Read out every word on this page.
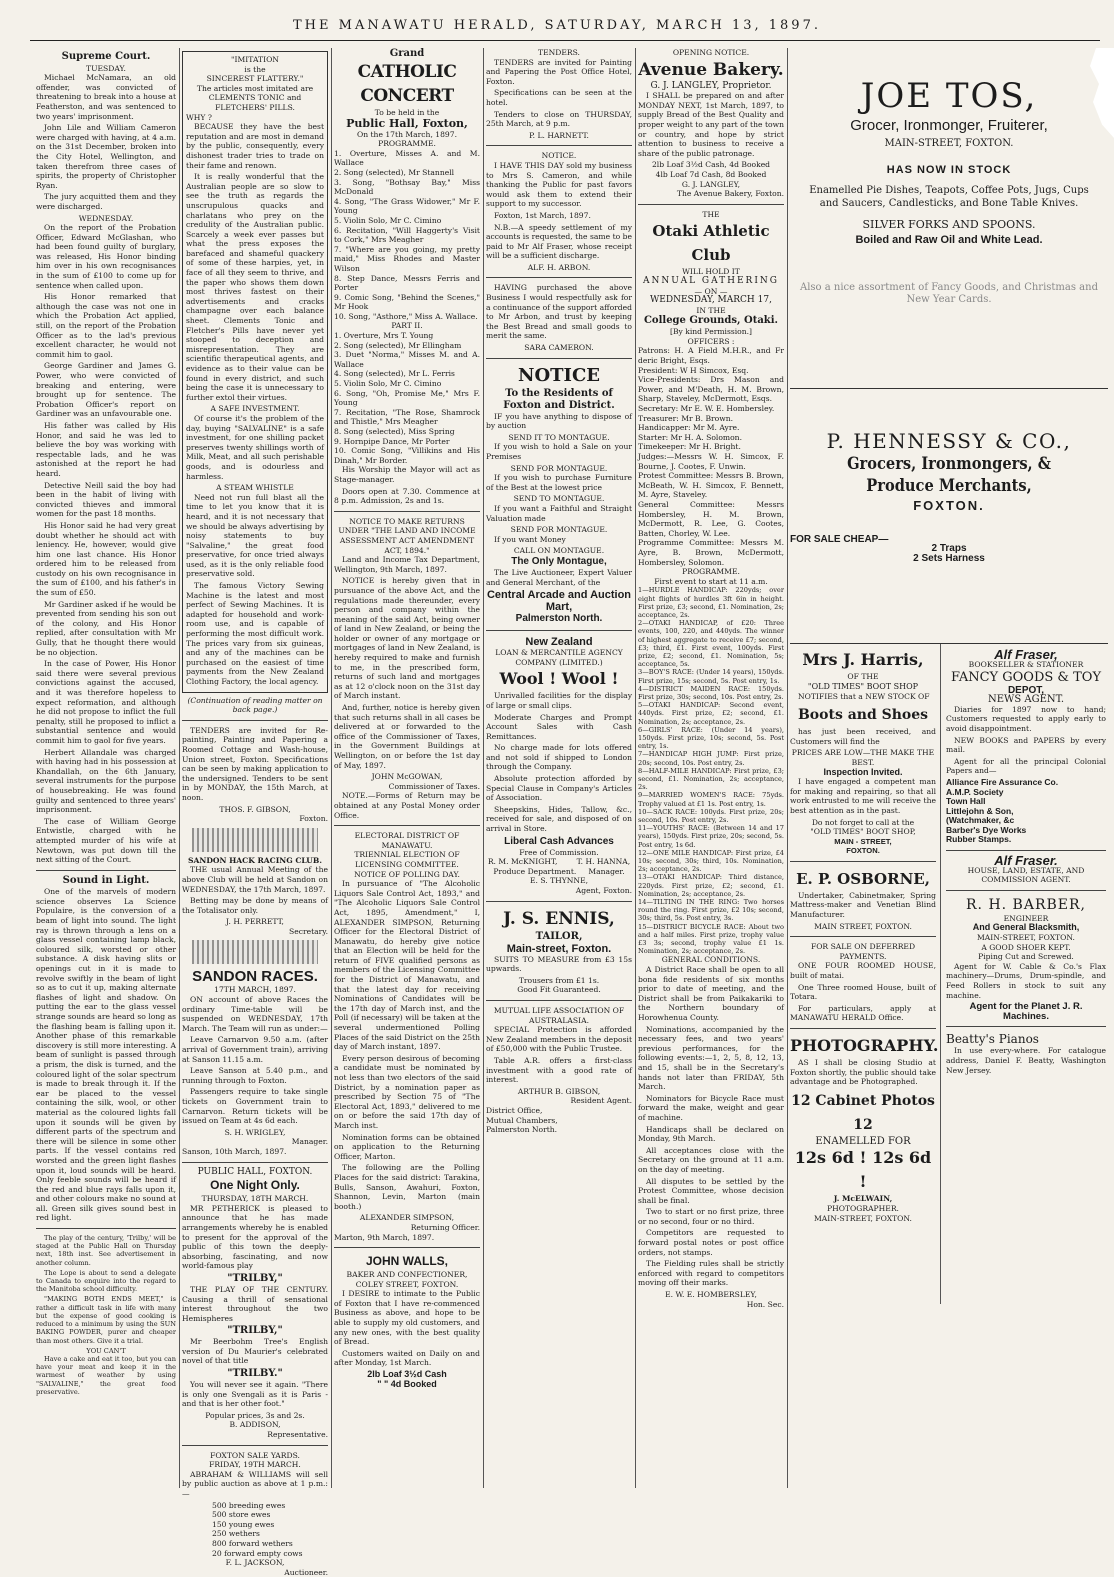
THE MANAWATU HERALD, SATURDAY, MARCH 13, 1897.
Supreme Court.
TUESDAY.

Michael McNamara, an old offender, was convicted of threatening to break into a house at Featherston, and was sentenced to two years' imprisonment.

John Lile and William Cameron were charged with having, at 4 a.m. on the 31st December, broken into the City Hotel, Wellington, and taken therefrom three cases of spirits, the property of Christopher Ryan.

The jury acquitted them and they were discharged.

WEDNESDAY.

On the report of the Probation Officer, Edward McGlashan, who had been found guilty of burglary, was released, His Honor binding him over in his own recognisances in the sum of £100 to come up for sentence when called upon.

His Honor remarked that although the case was not one in which the Probation Act applied, still, on the report of the Probation Officer as to the lad's previous excellent character, he would not commit him to gaol.

George Gardiner and James G. Power, who were convicted of breaking and entering, were brought up for sentence. The Probation Officer's report on Gardiner was an unfavourable one.

His father was called by His Honor, and said he was led to believe the boy was working with respectable lads, and he was astonished at the report he had heard.

Detective Neill said the boy had been in the habit of living with convicted thieves and immoral women for the past 18 months.

His Honor said he had very great doubt whether he should act with leniency. He, however, would give him one last chance. His Honor ordered him to be released from custody on his own recognisance in the sum of £100, and his father's in the sum of £50.

Mr Gardiner asked if he would be prevented from sending his son out of the colony, and His Honor replied, after consultation with Mr Gully, that he thought there would be no objection.

In the case of Power, His Honor said there were several previous convictions against the accused, and it was therefore hopeless to expect reformation, and although he did not propose to inflict the full penalty, still he proposed to inflict a substantial sentence and would commit him to gaol for five years.

Herbert Allandale was charged with having had in his possession at Khandallah, on the 6th January, several instruments for the purpose of housebreaking. He was found guilty and sentenced to three years' imprisonment.

The case of William George Entwistle, charged with he attempted murder of his wife at Newtown, was put down till the next sitting of the Court.

Sound in Light.

One of the marvels of modern science observes La Science Populaire, is the conversion of a beam of light into sound. The light ray is thrown through a lens on a glass vessel containing lamp black, coloured silk, worsted or other substance. A disk having slits or openings cut in it is made to revolve swiftly in the beam of light so as to cut it up, making alternate flashes of light and shadow. On putting the ear to the glass vessel strange sounds are heard so long as the flashing beam is falling upon it. Another phase of this remarkable discovery is still more interesting. A beam of sunlight is passed through a prism, the disk is turned, and the coloured light of the solar spectrum is made to break through it. If the ear be placed to the vessel containing the silk, wool, or other material as the coloured lights fall upon it sounds will be given by different parts of the spectrum and there will be silence in some other parts. If the vessel contains red worsted and the green light flashes upon it, loud sounds will be heard. Only feeble sounds will be heard if the red and blue rays falls upon it, and other colours make no sound at all. Green silk gives sound best in red light.

The play of the century, 'Trilby,' will be staged at the Public Hall on Thursday next, 18th inst. See advertisement in another column.

The Lope is about to send a delegate to Canada to enquire into the regard to the Manitoba school difficulty.

"MAKING BOTH ENDS MEET," is rather a difficult task in life with many but the expense of good cooking is reduced to a minimum by using the SUN BAKING POWDER, purer and cheaper than most others. Give it a trial.

YOU CAN'T

Have a cake and eat it too, but you can have your meat and keep it in the warmest of weather by using "SALVALINE," the great food preservative.

"IMITATION
is the
SINCEREST FLATTERY."
The articles most imitated are
CLEMENTS TONIC and
FLETCHERS' PILLS.
WHY ?

BECAUSE they have the best reputation and are most in demand by the public, consequently, every dishonest trader tries to trade on their fame and renown.

It is really wonderful that the Australian people are so slow to see the truth as regards the unscrupulous quacks and charlatans who prey on the credulity of the Australian public. Scarcely a week ever passes but what the press exposes the barefaced and shameful quackery of some of these harpies, yet, in face of all they seem to thrive, and the paper who shows them down most thrives fastest on their advertisements and cracks champagne over each balance sheet. Clements Tonic and Fletcher's Pills have never yet stooped to deception and misrepresentation. They are scientific therapeutical agents, and evidence as to their value can be found in every district, and such being the case it is unnecessary to further extol their virtues.

A SAFE INVESTMENT.

Of course it's the problem of the day, buying "SALVALINE" is a safe investment, for one shilling packet preserves twenty shillings worth of Milk, Meat, and all such perishable goods, and is odourless and harmless.

A STEAM WHISTLE

Need not run full blast all the time to let you know that it is heard, and it is not necessary that we should be always advertising by noisy statements to buy "Salvaline," the great food preservative, for once tried always used, as it is the only reliable food preservative sold.

The famous Victory Sewing Machine is the latest and most perfect of Sewing Machines. It is adapted for household and work-room use, and is capable of performing the most difficult work. The prices vary from six guineas, and any of the machines can be purchased on the easiest of time payments from the New Zealand Clothing Factory, the local agency.

(Continuation of reading matter on back page.)

TENDERS are invited for Re-painting, Painting and Papering a Roomed Cottage and Wash-house, Union street, Foxton. Specifications can be seen by making application to the undersigned. Tenders to be sent in by MONDAY, the 15th March, at noon.

THOS. F. GIBSON,
Foxton.
SANDON HACK RACING CLUB.

THE usual Annual Meeting of the above Club will be held at Sandon on WEDNESDAY, the 17th March, 1897.

Betting may be done by means of the Totalisator only.

J. H. PERRETT,
Secretary.
SANDON RACES.
17TH MARCH, 1897.

ON account of above Races the ordinary Time-table will be suspended on WEDNESDAY, 17th March. The Team will run as under:—

Leave Carnarvon 9.50 a.m. (after arrival of Government train), arriving at Sanson 11.15 a.m.

Leave Sanson at 5.40 p.m., and running through to Foxton.

Passengers require to take single tickets on Government train to Carnarvon. Return tickets will be issued on Team at 4s 6d each.

S. H. WRIGLEY,
Manager.
Sanson, 10th March, 1897.
PUBLIC HALL, FOXTON.
One Night Only.
THURSDAY, 18TH MARCH.

MR PETHERICK is pleased to announce that he has made arrangements whereby he is enabled to present for the approval of the public of this town the deeply-absorbing, fascinating, and now world-famous play

"TRILBY,"

THE PLAY OF THE CENTURY. Causing a thrill of sensational interest throughout the two Hemispheres

"TRILBY,"

Mr Beerbohm Tree's English version of Du Maurier's celebrated novel of that title

"TRILBY."

You will never see it again. "There is only one Svengali as it is Paris - and that is her other foot."

Popular prices, 3s and 2s.
B. ADDISON,
Representative.
FOXTON SALE YARDS.
FRIDAY, 19TH MARCH.

ABRAHAM & WILLIAMS will sell by public auction as above at 1 p.m.:—

500 breeding ewes
500 store ewes
150 young ewes
250 wethers
800 forward wethers
20 forward empty cows
F. L. JACKSON,
Auctioneer.
Grand
CATHOLIC CONCERT
To be held in the
Public Hall, Foxton,
On the 17th March, 1897.
PROGRAMME.
1. Overture, Misses A. and M. Wallace
2. Song (selected), Mr Stannell
3. Song, "Bothsay Bay," Miss McDonald
4. Song, "The Grass Widower," Mr F. Young
5. Violin Solo, Mr C. Cimino
6. Recitation, "Will Haggerty's Visit to Cork," Mrs Meagher
7. "Where are you going, my pretty maid," Miss Rhodes and Master Wilson
8. Step Dance, Messrs Ferris and Porter
9. Comic Song, "Behind the Scenes," Mr Hook
10. Song, "Asthore," Miss A. Wallace.
PART II.
1. Overture, Mrs T. Young
2. Song (selected), Mr Ellingham
3. Duet "Norma," Misses M. and A. Wallace
4. Song (selected), Mr L. Ferris
5. Violin Solo, Mr C. Cimino
6. Song, "Oh, Promise Me," Mrs F. Young
7. Recitation, "The Rose, Shamrock and Thistle," Mrs Meagher
8. Song (selected), Miss Spring
9. Hornpipe Dance, Mr Porter
10. Comic Song, "Villikins and His Dinah," Mr Border.

His Worship the Mayor will act as Stage-manager.

Doors open at 7.30. Commence at 8 p.m. Admission, 2s and 1s.

NOTICE TO MAKE RETURNS UNDER "THE LAND AND INCOME ASSESSMENT ACT AMENDMENT ACT, 1894."

Land and Income Tax Department, Wellington, 9th March, 1897.

NOTICE is hereby given that in pursuance of the above Act, and the regulations made thereunder, every person and company within the meaning of the said Act, being owner of land in New Zealand, or being the holder or owner of any mortgage or mortgages of land in New Zealand, is hereby required to make and furnish to me, in the prescribed form, returns of such land and mortgages as at 12 o'clock noon on the 31st day of March instant.

And, further, notice is hereby given that such returns shall in all cases be delivered at or forwarded to the office of the Commissioner of Taxes, in the Government Buildings at Wellington, on or before the 1st day of May, 1897.

JOHN McGOWAN,
Commissioner of Taxes.

NOTE.—Forms of Return may be obtained at any Postal Money order Office.

ELECTORAL DISTRICT OF MANAWATU.
TRIENNIAL ELECTION OF LICENSING COMMITTEE.
NOTICE OF POLLING DAY.

In pursuance of "The Alcoholic Liquors Sale Control Act, 1893," and "The Alcoholic Liquors Sale Control Act, 1895, Amendment," I, ALEXANDER SIMPSON, Returning Officer for the Electoral District of Manawatu, do hereby give notice that an Election will be held for the return of FIVE qualified persons as members of the Licensing Committee for the District of Manawatu, and that the latest day for receiving Nominations of Candidates will be the 17th day of March inst, and the Poll (if necessary) will be taken at the several undermentioned Polling Places of the said District on the 25th day of March instant, 1897.

Every person desirous of becoming a candidate must be nominated by not less than two electors of the said District, by a nomination paper as prescribed by Section 75 of "The Electoral Act, 1893," delivered to me on or before the said 17th day of March inst.

Nomination forms can be obtained on application to the Returning Officer, Marton.

The following are the Polling Places for the said district: Tarakina, Bulls, Sanson, Awahuri, Foxton, Shannon, Levin, Marton (main booth.)

ALEXANDER SIMPSON,
Returning Officer.
Marton, 9th March, 1897.
JOHN WALLS,
BAKER AND CONFECTIONER,
COLEY STREET, FOXTON.

I DESIRE to intimate to the Public of Foxton that I have re-commenced Business as above, and hope to be able to supply my old customers, and any new ones, with the best quality of Bread.

Customers waited on Daily on and after Monday, 1st March.

2lb Loaf 3½d Cash
" " 4d Booked
TENDERS.

TENDERS are invited for Painting and Papering the Post Office Hotel, Foxton.

Specifications can be seen at the hotel.

Tenders to close on THURSDAY, 25th March, at 9 p.m.

P. L. HARNETT.
NOTICE.

I HAVE THIS DAY sold my business to Mrs S. Cameron, and while thanking the Public for past favors would ask them to extend their support to my successor.

Foxton, 1st March, 1897.

N.B.—A speedy settlement of my accounts is requested, the same to be paid to Mr Alf Fraser, whose receipt will be a sufficient discharge.

ALF. H. ARBON.

HAVING purchased the above Business I would respectfully ask for a continuance of the support afforded to Mr Arbon, and trust by keeping the Best Bread and small goods to merit the same.

SARA CAMERON.
NOTICE
To the Residents of
Foxton and District.

IF you have anything to dispose of by auction

SEND IT TO MONTAGUE.

If you wish to hold a Sale on your Premises

SEND FOR MONTAGUE.

If you wish to purchase Furniture of the Best at the lowest price

SEND TO MONTAGUE.

If you want a Faithful and Straight Valuation made

SEND FOR MONTAGUE.

If you want Money

CALL ON MONTAGUE.
The Only Montague,

The Live Auctioneer, Expert Valuer and General Merchant, of the

Central Arcade and Auction Mart,
Palmerston North.
New Zealand
LOAN & MERCANTILE AGENCY COMPANY (LIMITED.)
Wool ! Wool !

Unrivalled facilities for the display of large or small clips.

Moderate Charges and Prompt Account Sales with Cash Remittances.

No charge made for lots offered and not sold if shipped to London through the Company.

Absolute protection afforded by Special Clause in Company's Articles of Association.

Sheepskins, Hides, Tallow, &c., received for sale, and disposed of on arrival in Store.

Liberal Cash Advances
Free of Commission.
R. M. McKNIGHT,        T. H. HANNA,
Produce Department.     Manager.
E. S. THYNNE,
Agent, Foxton.
J. S. ENNIS,
TAILOR,
Main-street, Foxton.

SUITS TO MEASURE from £3 15s upwards.

Trousers from £1 1s.
Good Fit Guaranteed.
MUTUAL LIFE ASSOCIATION OF AUSTRALASIA.

SPECIAL Protection is afforded New Zealand members in the deposit of £50,000 with the Public Trustee.

Table A.R. offers a first-class investment with a good rate of interest.

ARTHUR B. GIBSON,
Resident Agent.
District Office,
Mutual Chambers,
Palmerston North.
OPENING NOTICE.
Avenue Bakery.
G. J. LANGLEY, Proprietor.

I SHALL be prepared on and after MONDAY NEXT, 1st March, 1897, to supply Bread of the Best Quality and proper weight to any part of the town or country, and hope by strict attention to business to receive a share of the public patronage.

2lb Loaf 3½d Cash, 4d Booked
4lb Loaf 7d Cash, 8d Booked
G. J. LANGLEY,
The Avenue Bakery, Foxton.
THE
Otaki Athletic Club
WILL HOLD IT
ANNUAL GATHERING
— ON —
WEDNESDAY, MARCH 17,
IN THE
College Grounds, Otaki.
[By kind Permission.]
OFFICERS :
Patrons: H. A Field M.H.R., and Fr deric Bright, Esqs.
President: W H Simcox, Esq.
Vice-Presidents: Drs Mason and Power, and M'Death, H. M. Brown, Sharp, Staveley, McDermott, Esqs.
Secretary: Mr E. W. E. Hombersley.
Treasurer: Mr B. Brown.
Handicapper: Mr M. Ayre.
Starter: Mr H. A. Solomon.
Timekeeper: Mr H. Bright.
Judges:—Messrs W. H. Simcox, F. Bourne, J. Cootes, F. Unwin.
Protest Committee: Messrs B. Brown, McBeath, W. H. Simcox, F. Bennett, M. Ayre, Staveley.
General Committee: Messrs Hombersley, H. M. Brown, McDermott, R. Lee, G. Cootes, Batten, Chorley, W. Lee.
Programme Committee: Messrs M. Ayre, B. Brown, McDermott, Hombersley, Solomon.
PROGRAMME.
First event to start at 11 a.m.
1—HURDLE HANDICAP: 220yds; over eight flights of hurdles 3ft 6in in height. First prize, £3; second, £1. Nomination, 2s; acceptance, 2s.
2—OTAKI HANDICAP, of £20: Three events, 100, 220, and 440yds. The winner of highest aggregate to receive £7; second, £3; third, £1. First event, 100yds. First prize, £2; second, £1. Nomination, 5s; acceptance, 5s.
3—BOY'S RACE: (Under 14 years), 150yds. First prize, 15s; second, 5s. Post entry, 1s.
4—DISTRICT MAIDEN RACE: 150yds. First prize, 30s; second, 10s. Post entry, 2s.
5—OTAKI HANDICAP: Second event, 440yds. First prize, £2; second, £1. Nomination, 2s; acceptance, 2s.
6—GIRLS' RACE: (Under 14 years), 150yds. First prize, 10s; second, 5s. Post entry, 1s.
7—HANDICAP HIGH JUMP: First prize, 20s; second, 10s. Post entry, 2s.
8—HALF-MILE HANDICAP: First prize, £3; second, £1. Nomination, 2s; acceptance, 2s.
9—MARRIED WOMEN'S RACE: 75yds. Trophy valued at £1 1s. Post entry, 1s.
10—SACK RACE: 100yds. First prize, 20s; second, 10s. Post entry, 2s.
11—YOUTHS' RACE: (Between 14 and 17 years), 150yds. First prize, 20s; second, 5s. Post entry, 1s 6d.
12—ONE MILE HANDICAP: First prize, £4 10s; second, 30s; third, 10s. Nomination, 2s; acceptance, 2s.
13—OTAKI HANDICAP: Third distance, 220yds. First prize, £2; second, £1. Nomination, 2s; acceptance, 2s.
14—TILTING IN THE RING: Two horses round the ring. First prize, £2 10s; second, 30s; third, 5s. Post entry, 3s.
15—DISTRICT BICYCLE RACE: About two and a half miles. First prize, trophy value £3 3s; second, trophy value £1 1s. Nomination, 2s; acceptance, 2s.
GENERAL CONDITIONS.

A District Race shall be open to all bona fide residents of six months prior to date of meeting, and the District shall be from Paikakariki to the Northern boundary of Horowhenua County.

Nominations, accompanied by the necessary fees, and two years' previous performances, for the following events:—1, 2, 5, 8, 12, 13, and 15, shall be in the Secretary's hands not later than FRIDAY, 5th March.

Nominators for Bicycle Race must forward the make, weight and gear of machine.

Handicaps shall be declared on Monday, 9th March.

All acceptances close with the Secretary on the ground at 11 a.m. on the day of meeting.

All disputes to be settled by the Protest Committee, whose decision shall be final.

Two to start or no first prize, three or no second, four or no third.

Competitors are requested to forward postal notes or post office orders, not stamps.

The Fielding rules shall be strictly enforced with regard to competitors moving off their marks.

E. W. E. HOMBERSLEY,
Hon. Sec.
JOE TOS,
Grocer, Ironmonger, Fruiterer,
MAIN-STREET, FOXTON.
HAS NOW IN STOCK
Enamelled Pie Dishes, Teapots, Coffee Pots, Jugs, Cups and Saucers, Candlesticks, and Bone Table Knives.
SILVER FORKS AND SPOONS.
Boiled and Raw Oil and White Lead.
Also a nice assortment of Fancy Goods, and Christmas and New Year Cards.
P. HENNESSY & CO.,
Grocers, Ironmongers, & Produce Merchants,
FOXTON.
FOR SALE CHEAP—
2 Traps
2 Sets Harness
Mrs J. Harris,
OF THE
"OLD TIMES" BOOT SHOP

NOTIFIES that a NEW STOCK OF

Boots and Shoes

has just been received, and Customers will find the

PRICES ARE LOW—THE MAKE THE BEST.
Inspection Invited.

I have engaged a competent man for making and repairing, so that all work entrusted to me will receive the best attention as in the past.

Do not forget to call at the
"OLD TIMES" BOOT SHOP,
MAIN - STREET,
FOXTON.
E. P. OSBORNE,

Undertaker, Cabinetmaker, Spring Mattress-maker and Venetian Blind Manufacturer.

MAIN STREET, FOXTON.
FOR SALE ON DEFERRED PAYMENTS.

ONE FOUR ROOMED HOUSE, built of matai.

One Three roomed House, built of Totara.

For particulars, apply at MANAWATU HERALD Office.

PHOTOGRAPHY.

AS I shall be closing Studio at Foxton shortly, the public should take advantage and be Photographed.

12 Cabinet Photos 12
ENAMELLED FOR
12s 6d ! 12s 6d !
J. McELWAIN,
PHOTOGRAPHER.
MAIN-STREET, FOXTON.
Alf Fraser,
BOOKSELLER & STATIONER
FANCY GOODS & TOY
DEPOT,
NEWS AGENT.

Diaries for 1897 now to hand; Customers requested to apply early to avoid disappointment.

NEW BOOKS and PAPERS by every mail.

Agent for all the principal Colonial Papers and—

Alliance Fire Assurance Co.
A.M.P. Society
Town Hall
Littlejohn & Son,
(Watchmaker, &c
Barber's Dye Works
Rubber Stamps.
Alf Fraser.
HOUSE, LAND, ESTATE, AND
COMMISSION AGENT.
R. H. BARBER,
ENGINEER
And General Blacksmith,
MAIN-STREET, FOXTON.
A GOOD SHOER KEPT.
Piping Cut and Screwed.

Agent for W. Cable & Co.'s Flax machinery—Drums, Drum-spindle, and Feed Rollers in stock to suit any machine.

Agent for the Planet J. R. Machines.
Beatty's Pianos

In use every-where. For catalogue address, Daniel F. Beatty, Washington New Jersey.
